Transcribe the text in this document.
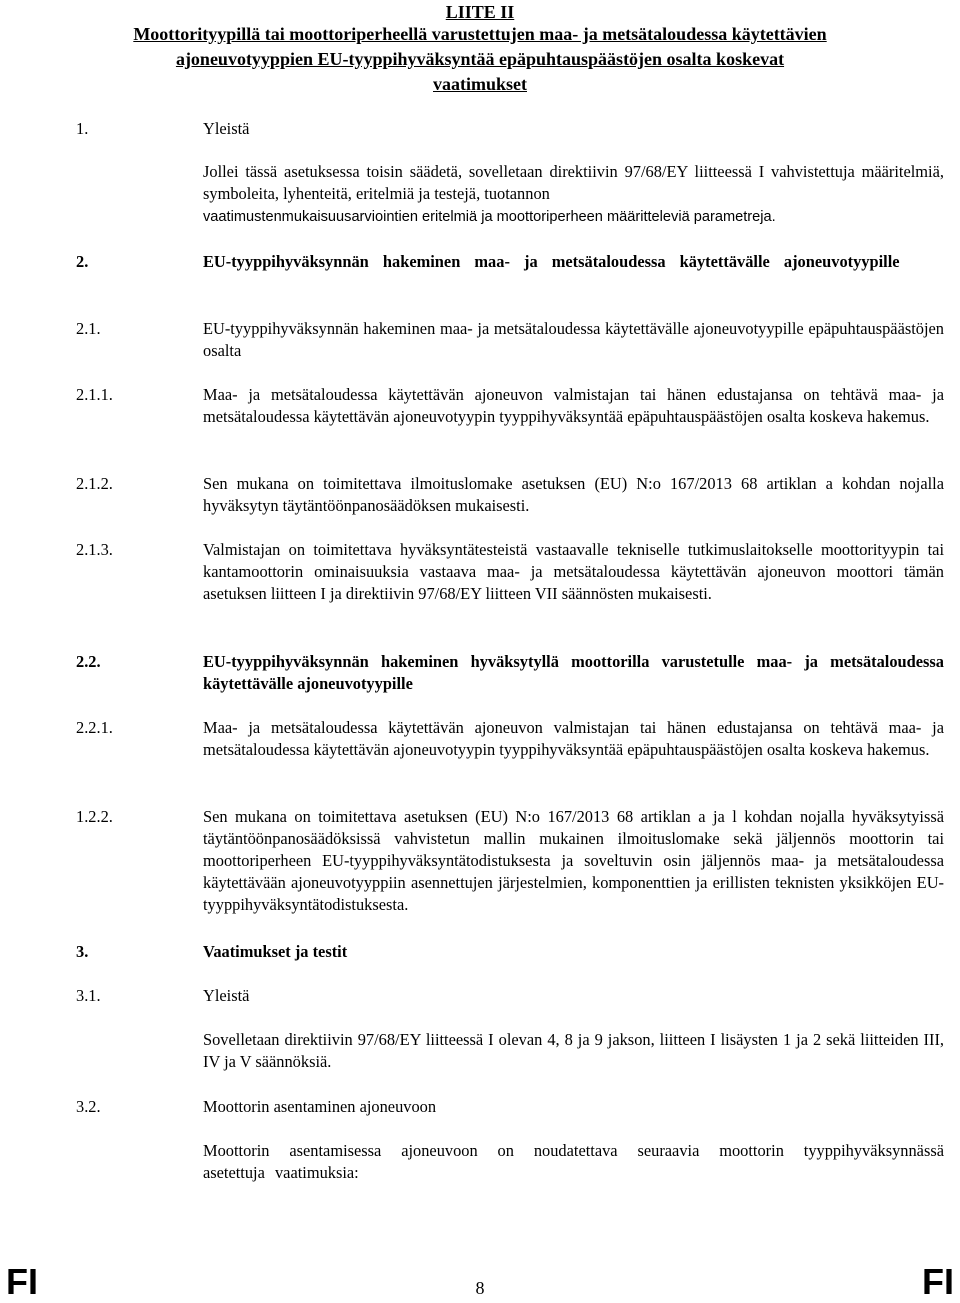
LIITE II
Moottorityypillä tai moottoriperheellä varustettujen maa- ja metsätaloudessa käytettävien
ajoneuvotyyppien EU-tyyppihyväksyntää epäpuhtauspäästöjen osalta koskevat
vaatimukset
1.	Yleistä
Jollei tässä asetuksessa toisin säädetä, sovelletaan direktiivin 97/68/EY liitteessä I vahvistettuja määritelmiä, symboleita, lyhenteitä, eritelmiä ja testejä, tuotannon
vaatimustenmukaisuusarviointien eritelmiä ja moottoriperheen määritteleviä parametreja.
2.	EU-tyyppihyväksynnän hakeminen maa- ja metsätaloudessa käytettävälle ajoneuvotyypille
2.1.	EU-tyyppihyväksynnän hakeminen maa- ja metsätaloudessa käytettävälle ajoneuvotyypille epäpuhtauspäästöjen osalta
2.1.1.	Maa- ja metsätaloudessa käytettävän ajoneuvon valmistajan tai hänen edustajansa on tehtävä maa- ja metsätaloudessa käytettävän ajoneuvotyypin tyyppihyväksyntää epäpuhtauspäästöjen osalta koskeva hakemus.
2.1.2.	Sen mukana on toimitettava ilmoituslomake asetuksen (EU) N:o 167/2013 68 artiklan a kohdan nojalla hyväksytyn täytäntöönpanosäädöksen mukaisesti.
2.1.3.	Valmistajan on toimitettava hyväksyntätesteistä vastaavalle tekniselle tutkimuslaitokselle moottorityypin tai kantamoottorin ominaisuuksia vastaava maa- ja metsätaloudessa käytettävän ajoneuvon moottori tämän asetuksen liitteen I ja direktiivin 97/68/EY liitteen VII säännösten mukaisesti.
2.2.	EU-tyyppihyväksynnän hakeminen hyväksytyllä moottorilla varustetulle maa- ja metsätaloudessa käytettävälle ajoneuvotyypille
2.2.1.	Maa- ja metsätaloudessa käytettävän ajoneuvon valmistajan tai hänen edustajansa on tehtävä maa- ja metsätaloudessa käytettävän ajoneuvotyypin tyyppihyväksyntää epäpuhtauspäästöjen osalta koskeva hakemus.
1.2.2.	Sen mukana on toimitettava asetuksen (EU) N:o 167/2013 68 artiklan a ja l kohdan nojalla hyväksytyissä täytäntöönpanosäädöksissä vahvistetun mallin mukainen ilmoituslomake sekä jäljennös moottorin tai moottoriperheen EU-tyyppihyväksyntätodistuksesta ja soveltuvin osin jäljennös maa- ja metsätaloudessa käytettävään ajoneuvotyyppiin asennettujen järjestelmien, komponenttien ja erillisten teknisten yksikköjen EU-tyyppihyväksyntätodistuksesta.
3.	Vaatimukset ja testit
3.1.	Yleistä
Sovelletaan direktiivin 97/68/EY liitteessä I olevan 4, 8 ja 9 jakson, liitteen I lisäysten 1 ja 2 sekä liitteiden III, IV ja V säännöksiä.
3.2.	Moottorin asentaminen ajoneuvoon
Moottorin asentamisessa ajoneuvoon on noudatettava seuraavia moottorin tyyppihyväksynnässä asetettuja vaatimuksia:
FI	8	FI
